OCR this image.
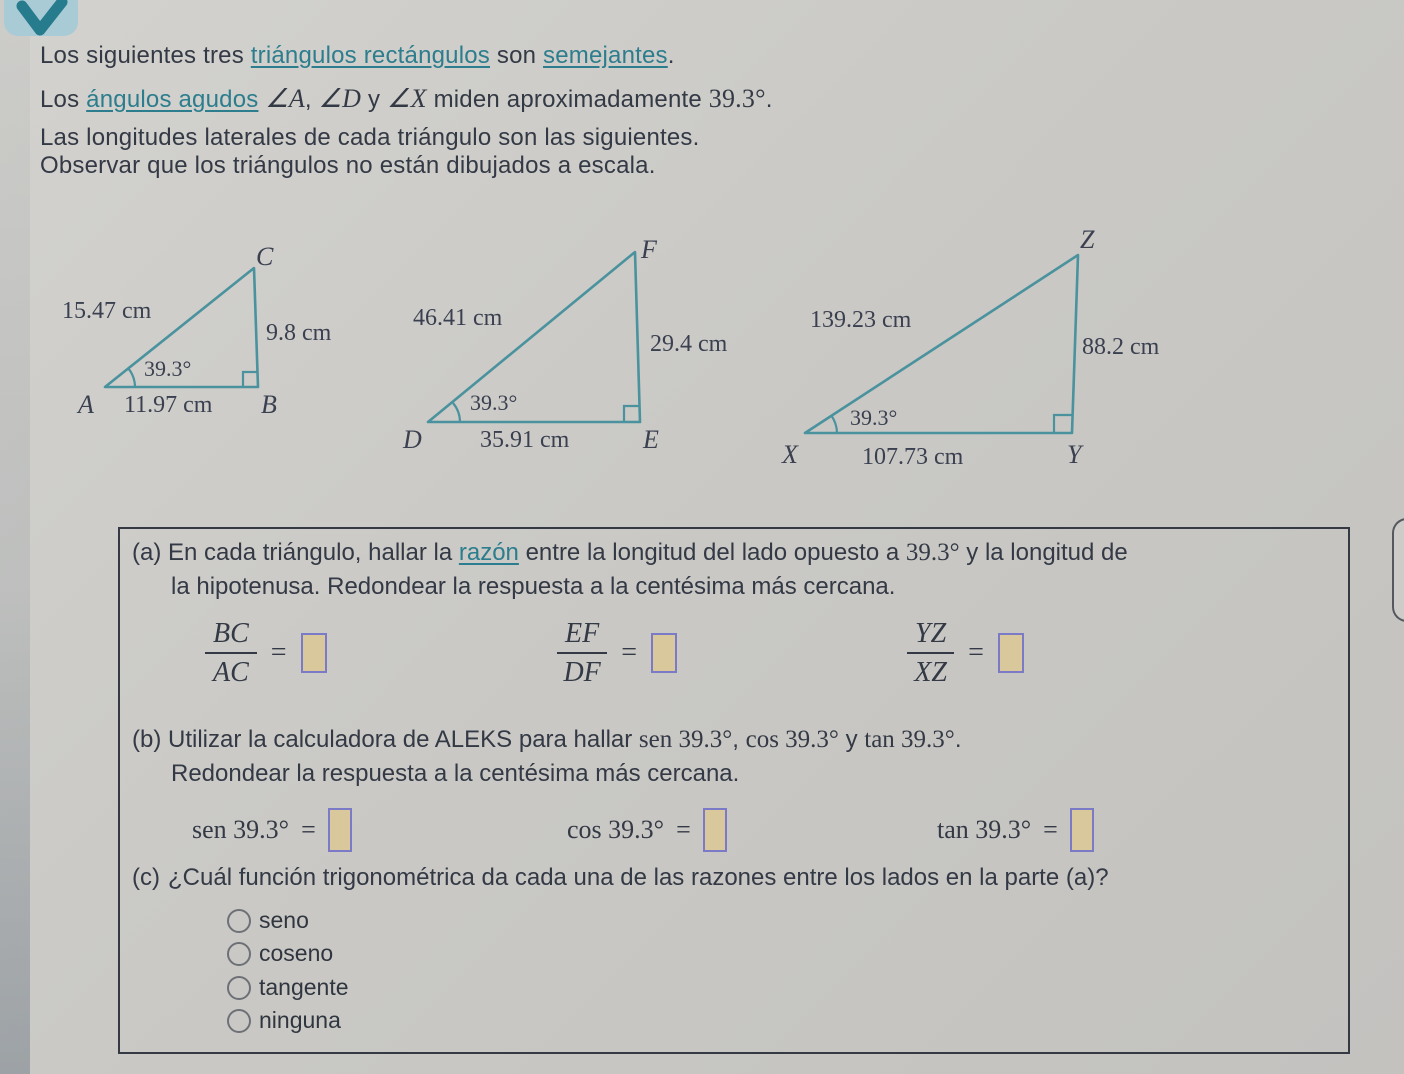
Los siguientes tres triángulos rectángulos son semejantes.
Los ángulos agudos ∠A, ∠D y ∠X miden aproximadamente 39.3°.
Las longitudes laterales de cada triángulo son las siguientes.
Observar que los triángulos no están dibujados a escala.
C
15.47 cm
9.8 cm
39.3°
A 11.97 cm B
F
46.41 cm
29.4 cm
39.3°
D 35.91 cm	E
Z
139.23 cm
88.2 cm
39.3°
X	107.73 cm	Y
(a) En cada triángulo, hallar la razón entre la longitud del lado opuesto a 39.3° y la longitud de
la hipotenusa. Redondear la respuesta a la centésima más cercana.
$\frac{BC}{AC}$ =	$\frac{EF}{DF}$ =	$\frac{YZ}{XZ}$ =
(b) Utilizar la calculadora de ALEKS para hallar sen 39.3°, cos 39.3° y tan 39.3°.
Redondear la respuesta a la centésima más cercana.
sen 39.3° =	cos 39.3° =	tan 39.3° =
(c) ¿Cuál función trigonométrica da cada una de las razones entre los lados en la parte (a)?
seno
coseno
tangente
ninguna
